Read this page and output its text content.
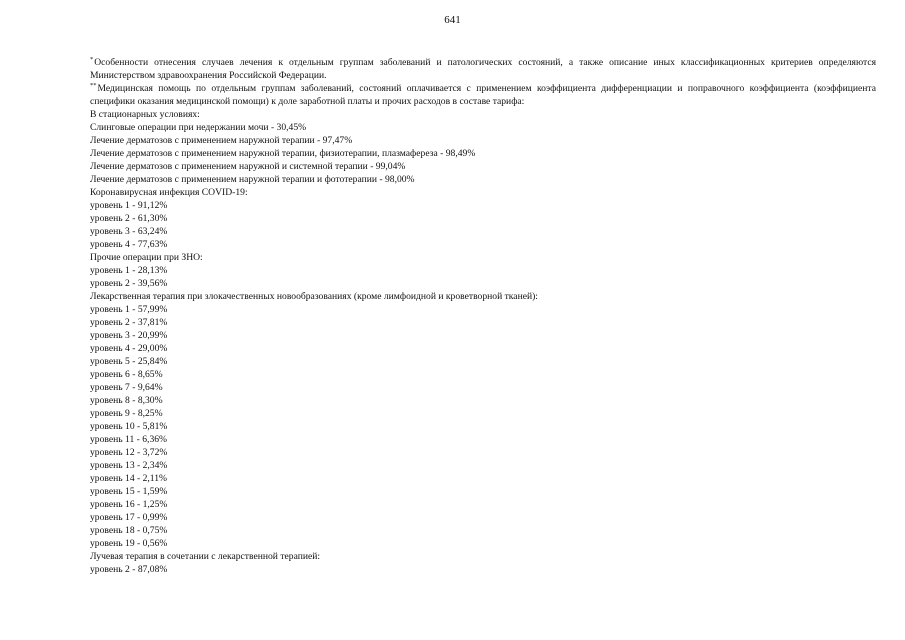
641

*Особенности отнесения случаев лечения к отдельным группам заболеваний и патологических состояний, а также описание иных классификационных критериев определяются Министерством здравоохранения Российской Федерации.

**Медицинская помощь по отдельным группам заболеваний, состояний оплачивается с применением коэффициента дифференциации и поправочного коэффициента (коэффициента специфики оказания медицинской помощи) к доле заработной платы и прочих расходов в составе тарифа:

В стационарных условиях:
Слинговые операции при недержании мочи - 30,45%
Лечение дерматозов с применением наружной терапии - 97,47%
Лечение дерматозов с применением наружной терапии, физиотерапии, плазмафереза - 98,49%
Лечение дерматозов с применением наружной и системной терапии - 99,04%
Лечение дерматозов с применением наружной терапии и фототерапии - 98,00%
Коронавирусная инфекция COVID-19:
уровень 1 - 91,12%
уровень 2 - 61,30%
уровень 3 - 63,24%
уровень 4 - 77,63%
Прочие операции при ЗНО:
уровень 1 - 28,13%
уровень 2 - 39,56%
Лекарственная терапия при злокачественных новообразованиях (кроме лимфоидной и кроветворной тканей):
уровень 1 - 57,99%
уровень 2 - 37,81%
уровень 3 - 20,99%
уровень 4 - 29,00%
уровень 5 - 25,84%
уровень 6 - 8,65%
уровень 7 - 9,64%
уровень 8 - 8,30%
уровень 9 - 8,25%
уровень 10 - 5,81%
уровень 11 - 6,36%
уровень 12 - 3,72%
уровень 13 - 2,34%
уровень 14 - 2,11%
уровень 15 - 1,59%
уровень 16 - 1,25%
уровень 17 - 0,99%
уровень 18 - 0,75%
уровень 19 - 0,56%
Лучевая терапия в сочетании с лекарственной терапией:
уровень 2 - 87,08%
